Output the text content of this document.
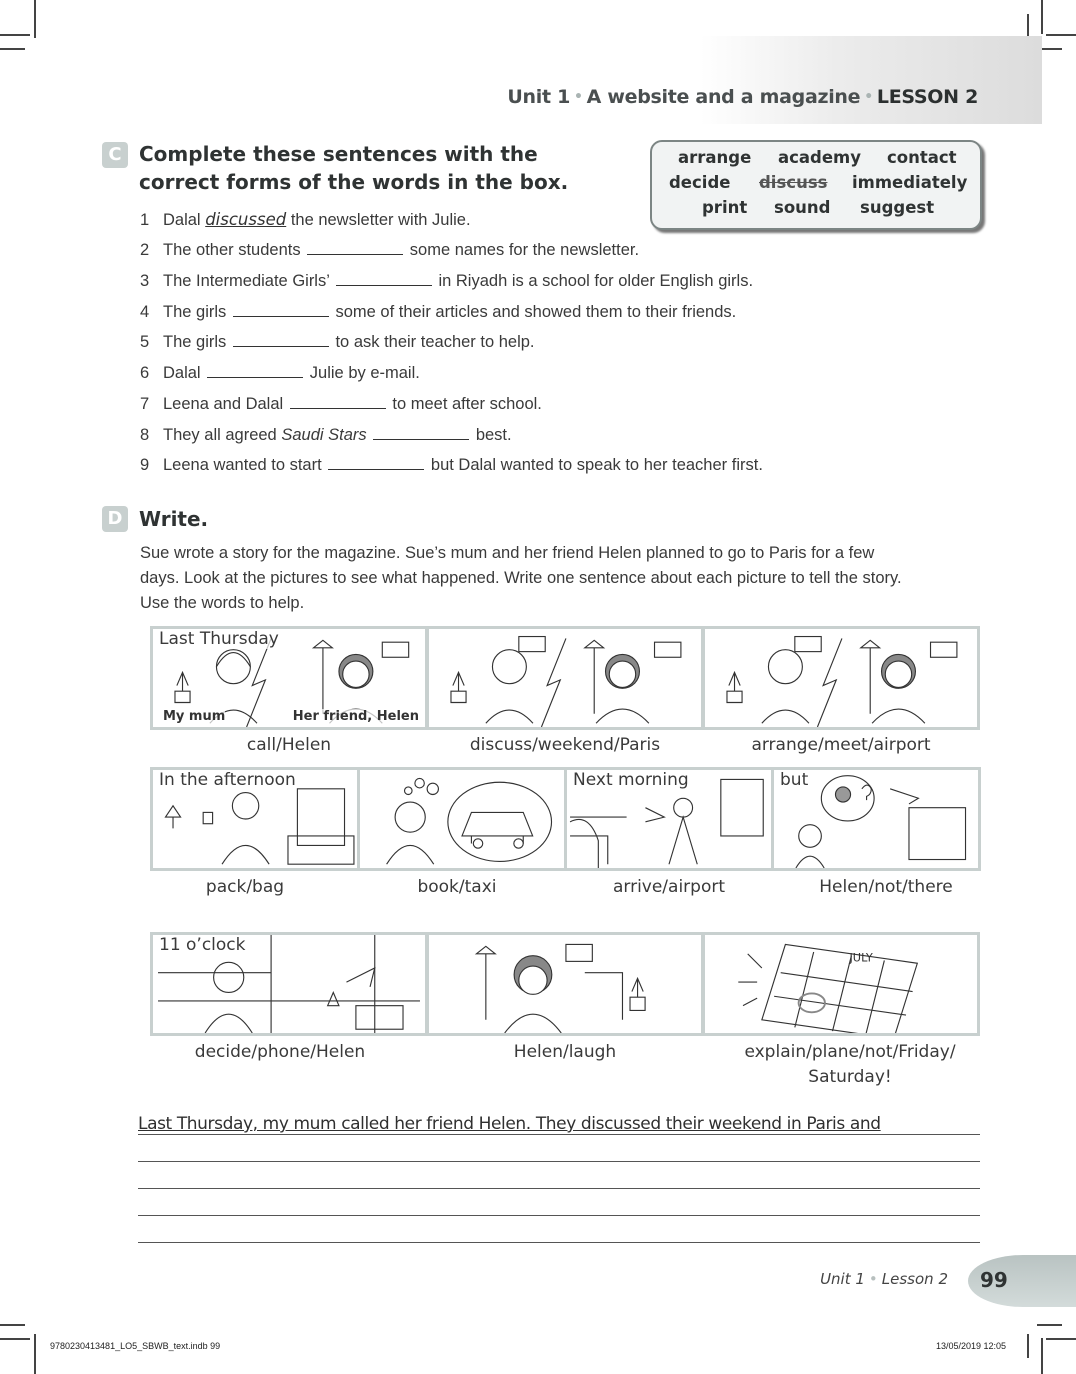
Unit 1 • A website and a magazine • LESSON 2
C Complete these sentences with the
correct forms of the words in the box.
arrange academy contact
decide discuss immediately
print sound suggest
1 Dalal discussed the newsletter with Julie.
2 The other students	some names for the newsletter.
3 The Intermediate Girls’	in Riyadh is a school for older English girls.
4 The girls	some of their articles and showed them to their friends.
5 The girls	to ask their teacher to help.
6 Dalal	Julie by e-mail.
7 Leena and Dalal	to meet after school.
8 They all agreed Saudi Stars	best.
9 Leena wanted to start	but Dalal wanted to speak to her teacher first.
D Write.
Sue wrote a story for the magazine. Sue’s mum and her friend Helen planned to go to Paris for a few
days. Look at the pictures to see what happened. Write one sentence about each picture to tell the story.
Use the words to help.
Last Thursday
My mum	Her friend, Helen
call/Helen	discuss/weekend/Paris	arrange/meet/airport
In the afternoon	Next morning	but
pack/bag	book/taxi	arrive/airport	Helen/not/there
11 o’clock
JULY
decide/phone/Helen	Helen/laugh	explain/plane/not/Friday/
Saturday!
Last Thursday, my mum called her friend Helen. They discussed their weekend in Paris and
Unit 1 • Lesson 2 99
9780230413481_LO5_SBWB_text.indb 99	13/05/2019 12:05
